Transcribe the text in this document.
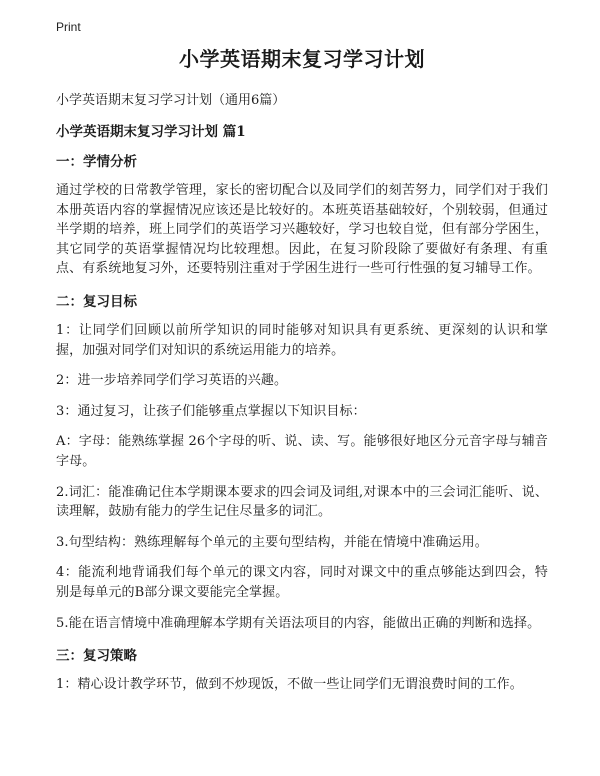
Print
小学英语期末复习学习计划
小学英语期末复习学习计划（通用6篇）
小学英语期末复习学习计划 篇1
一：学情分析
通过学校的日常教学管理，家长的密切配合以及同学们的刻苦努力，同学们对于我们本册英语内容的掌握情况应该还是比较好的。本班英语基础较好，个别较弱，但通过半学期的培养，班上同学们的英语学习兴趣较好，学习也较自觉，但有部分学困生，其它同学的英语掌握情况均比较理想。因此，在复习阶段除了要做好有条理、有重点、有系统地复习外，还要特别注重对于学困生进行一些可行性强的复习辅导工作。
二：复习目标
1：让同学们回顾以前所学知识的同时能够对知识具有更系统、更深刻的认识和掌握，加强对同学们对知识的系统运用能力的培养。
2：进一步培养同学们学习英语的兴趣。
3：通过复习，让孩子们能够重点掌握以下知识目标：
A：字母：能熟练掌握 26个字母的听、说、读、写。能够很好地区分元音字母与辅音字母。
2.词汇：能准确记住本学期课本要求的四会词及词组,对课本中的三会词汇能听、说、读理解，鼓励有能力的学生记住尽量多的词汇。
3.句型结构：熟练理解每个单元的主要句型结构，并能在情境中准确运用。
4：能流利地背诵我们每个单元的课文内容，同时对课文中的重点够能达到四会，特别是每单元的B部分课文要能完全掌握。
5.能在语言情境中准确理解本学期有关语法项目的内容，能做出正确的判断和选择。
三：复习策略
1：精心设计教学环节，做到不炒现饭，不做一些让同学们无谓浪费时间的工作。
